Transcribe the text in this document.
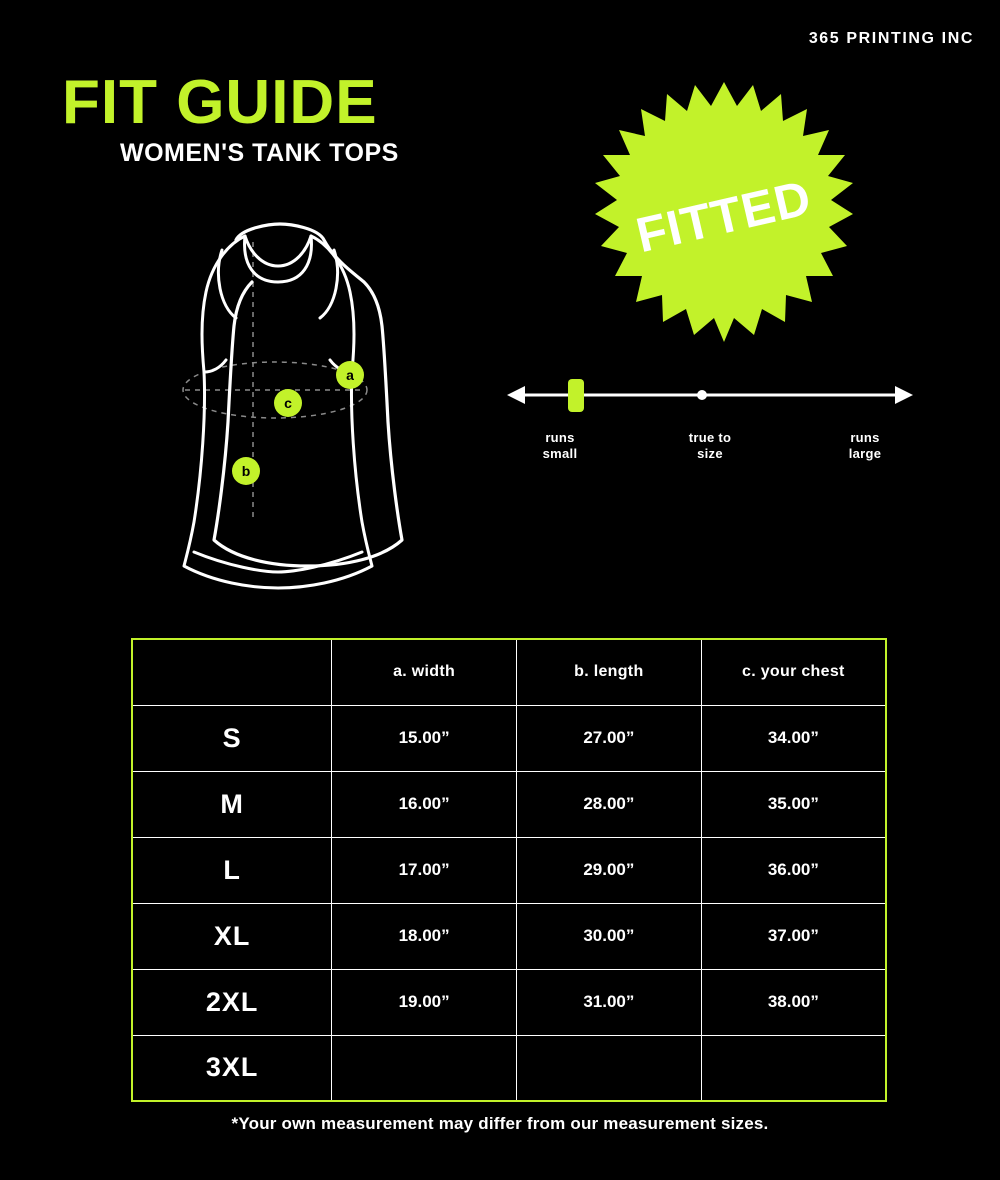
365 PRINTING INC
FIT GUIDE
WOMEN'S TANK TOPS
FITTED
a
c
b
runs
small
true to
size
runs
large
	a. width	b. length	c. your chest
S	15.00”	27.00”	34.00”
M	16.00”	28.00”	35.00”
L	17.00”	29.00”	36.00”
XL	18.00”	30.00”	37.00”
2XL	19.00”	31.00”	38.00”
3XL			
*Your own measurement may differ from our measurement sizes.
